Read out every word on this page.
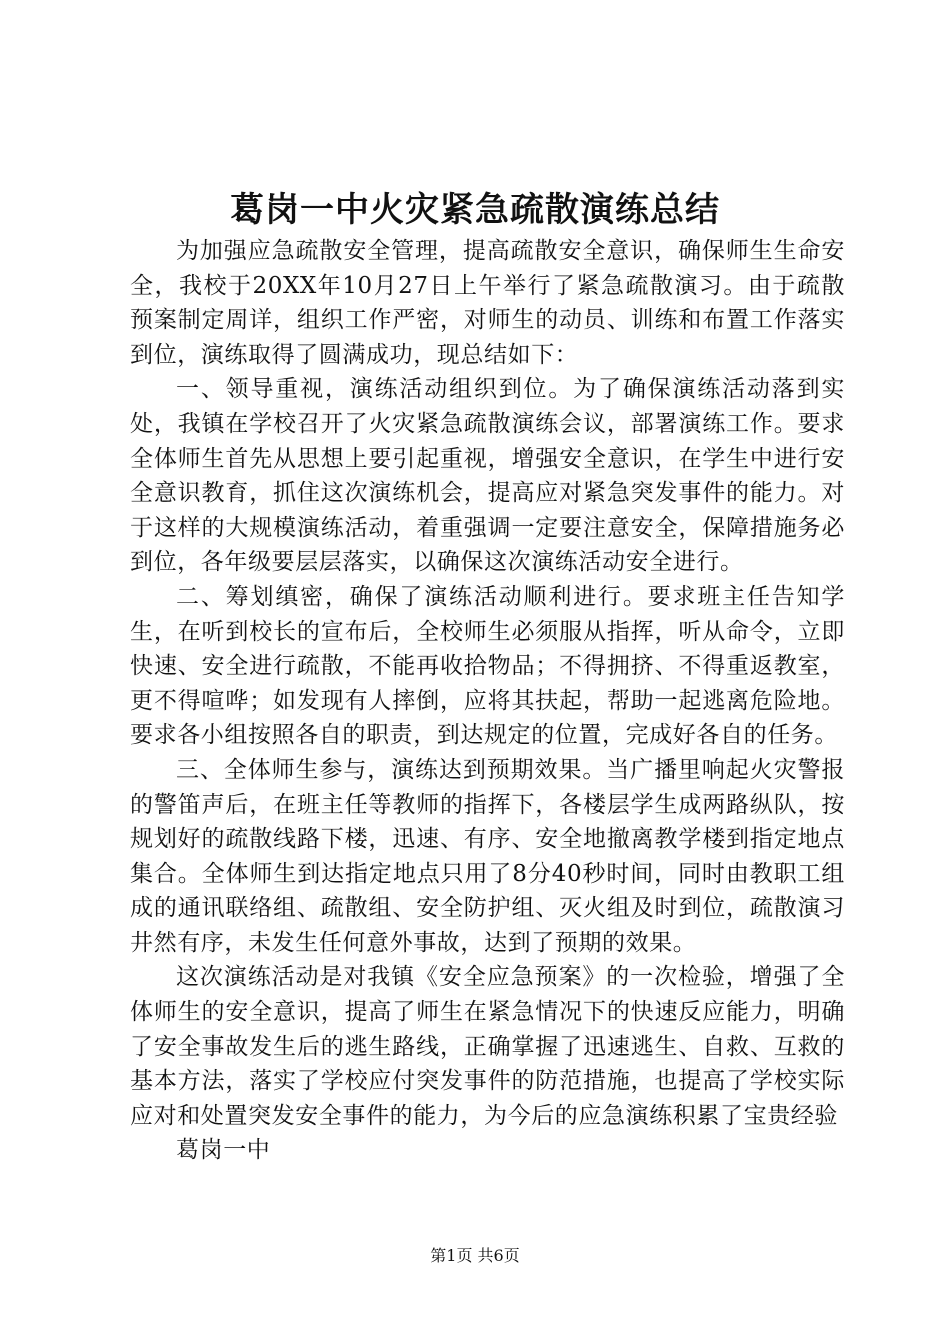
葛岗一中火灾紧急疏散演练总结

为加强应急疏散安全管理，提高疏散安全意识，确保师生生命安全，我校于20XX年10月27日上午举行了紧急疏散演习。由于疏散预案制定周详，组织工作严密，对师生的动员、训练和布置工作落实到位，演练取得了圆满成功，现总结如下：

一、领导重视，演练活动组织到位。为了确保演练活动落到实处，我镇在学校召开了火灾紧急疏散演练会议，部署演练工作。要求全体师生首先从思想上要引起重视，增强安全意识，在学生中进行安全意识教育，抓住这次演练机会，提高应对紧急突发事件的能力。对于这样的大规模演练活动，着重强调一定要注意安全，保障措施务必到位，各年级要层层落实，以确保这次演练活动安全进行。

二、筹划缜密，确保了演练活动顺利进行。要求班主任告知学生，在听到校长的宣布后，全校师生必须服从指挥，听从命令，立即快速、安全进行疏散，不能再收拾物品；不得拥挤、不得重返教室，更不得喧哗；如发现有人摔倒，应将其扶起，帮助一起逃离危险地。要求各小组按照各自的职责，到达规定的位置，完成好各自的任务。

三、全体师生参与，演练达到预期效果。当广播里响起火灾警报的警笛声后，在班主任等教师的指挥下，各楼层学生成两路纵队，按规划好的疏散线路下楼，迅速、有序、安全地撤离教学楼到指定地点集合。全体师生到达指定地点只用了8分40秒时间，同时由教职工组成的通讯联络组、疏散组、安全防护组、灭火组及时到位，疏散演习井然有序，未发生任何意外事故，达到了预期的效果。

这次演练活动是对我镇《安全应急预案》的一次检验，增强了全体师生的安全意识，提高了师生在紧急情况下的快速反应能力，明确了安全事故发生后的逃生路线，正确掌握了迅速逃生、自救、互救的基本方法，落实了学校应付突发事件的防范措施，也提高了学校实际应对和处置突发安全事件的能力，为今后的应急演练积累了宝贵经验

葛岗一中

第1页 共6页
